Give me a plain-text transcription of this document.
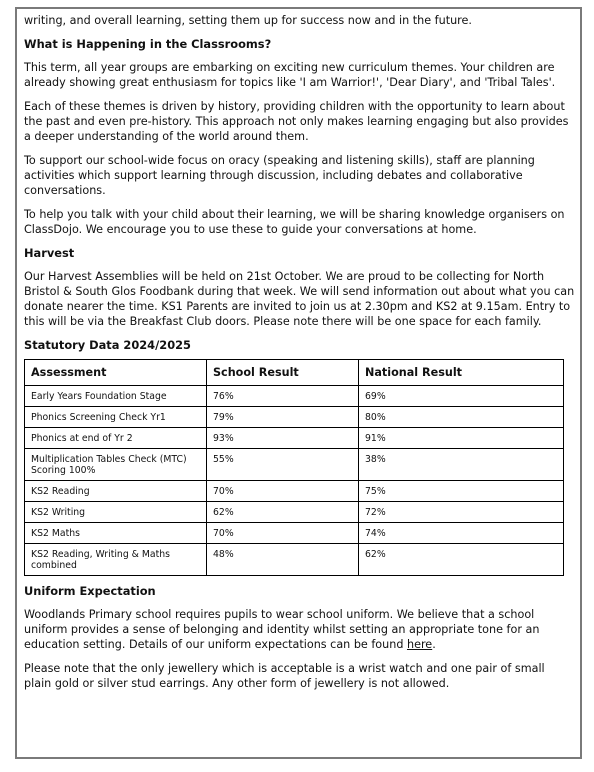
writing, and overall learning, setting them up for success now and in the future.

What is Happening in the Classrooms?

This term, all year groups are embarking on exciting new curriculum themes. Your children are already showing great enthusiasm for topics like 'I am Warrior!', 'Dear Diary', and 'Tribal Tales'.

Each of these themes is driven by history, providing children with the opportunity to learn about the past and even pre-history. This approach not only makes learning engaging but also provides a deeper understanding of the world around them.

To support our school-wide focus on oracy (speaking and listening skills), staff are planning activities which support learning through discussion, including debates and collaborative conversations.

To help you talk with your child about their learning, we will be sharing knowledge organisers on ClassDojo. We encourage you to use these to guide your conversations at home.

Harvest

Our Harvest Assemblies will be held on 21st October. We are proud to be collecting for North Bristol & South Glos Foodbank during that week. We will send information out about what you can donate nearer the time. KS1 Parents are invited to join us at 2.30pm and KS2 at 9.15am. Entry to this will be via the Breakfast Club doors. Please note there will be one space for each family.

Statutory Data 2024/2025
Assessment	School Result	National Result
Early Years Foundation Stage	76%	69%
Phonics Screening Check Yr1	79%	80%
Phonics at end of Yr 2	93%	91%
Multiplication Tables Check (MTC) Scoring 100%	55%	38%
KS2 Reading	70%	75%
KS2 Writing	62%	72%
KS2 Maths	70%	74%
KS2 Reading, Writing & Maths combined	48%	62%
Uniform Expectation

Woodlands Primary school requires pupils to wear school uniform. We believe that a school uniform provides a sense of belonging and identity whilst setting an appropriate tone for an education setting. Details of our uniform expectations can be found here.

Please note that the only jewellery which is acceptable is a wrist watch and one pair of small plain gold or silver stud earrings. Any other form of jewellery is not allowed.
